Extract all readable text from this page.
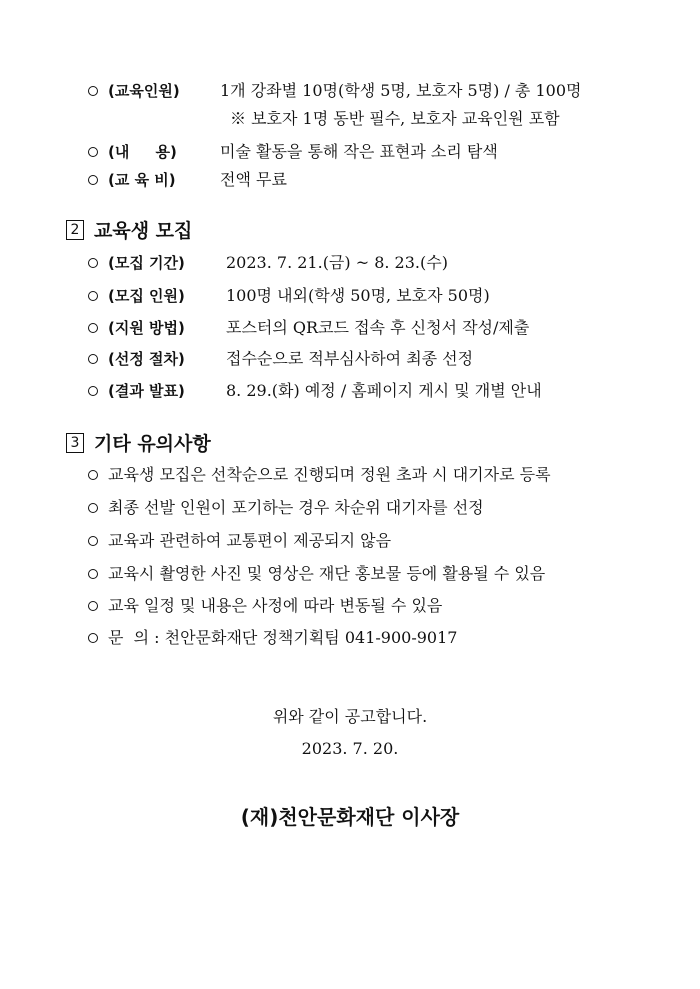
(교육인원)	1개 강좌별 10명(학생 5명, 보호자 5명) / 총 100명
※ 보호자 1명 동반 필수, 보호자 교육인원 포함
(내     용)	미술 활동을 통해 작은 표현과 소리 탐색
(교 육 비)	전액 무료
2 교육생 모집
(모집 기간)	2023. 7. 21.(금) ~ 8. 23.(수)
(모집 인원)	100명 내외(학생 50명, 보호자 50명)
(지원 방법)	포스터의 QR코드 접속 후 신청서 작성/제출
(선정 절차)	접수순으로 적부심사하여 최종 선정
(결과 발표)	8. 29.(화) 예정 / 홈페이지 게시 및 개별 안내
3 기타 유의사항
교육생 모집은 선착순으로 진행되며 정원 초과 시 대기자로 등록
최종 선발 인원이 포기하는 경우 차순위 대기자를 선정
교육과 관련하여 교통편이 제공되지 않음
교육시 촬영한 사진 및 영상은 재단 홍보물 등에 활용될 수 있음
교육 일정 및 내용은 사정에 따라 변동될 수 있음
문  의 : 천안문화재단 정책기획팀 041-900-9017
위와 같이 공고합니다.
2023. 7. 20.
(재)천안문화재단 이사장
